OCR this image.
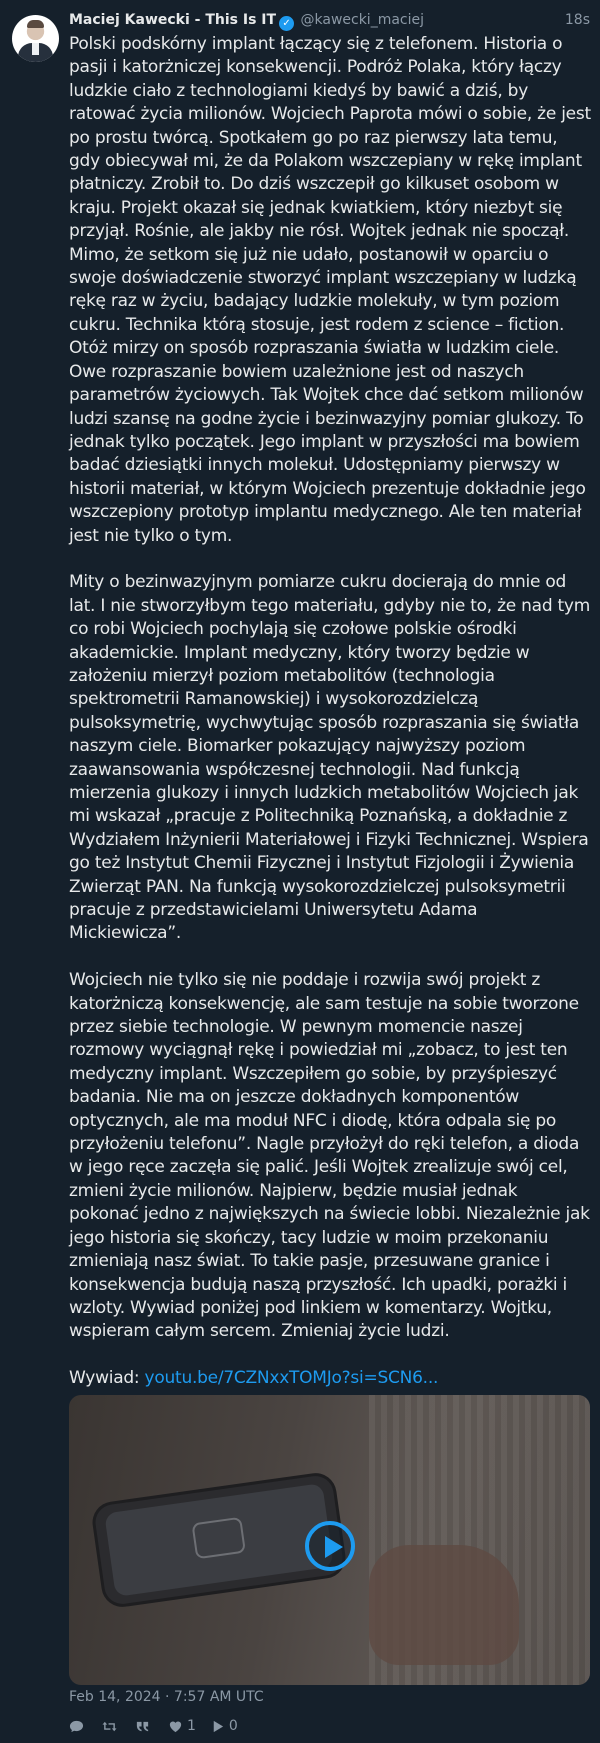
Maciej Kawecki - This Is IT ✓ @kawecki_maciej	18s

Polski podskórny implant łączący się z telefonem. Historia o pasji i katorżniczej konsekwencji. Podróż Polaka, który łączy ludzkie ciało z technologiami kiedyś by bawić a dziś, by ratować życia milionów. Wojciech Paprota mówi o sobie, że jest po prostu twórcą. Spotkałem go po raz pierwszy lata temu, gdy obiecywał mi, że da Polakom wszczepiany w rękę implant płatniczy. Zrobił to. Do dziś wszczepił go kilkuset osobom w kraju. Projekt okazał się jednak kwiatkiem, który niezbyt się przyjął. Rośnie, ale jakby nie rósł. Wojtek jednak nie spoczął. Mimo, że setkom się już nie udało, postanowił w oparciu o swoje doświadczenie stworzyć implant wszczepiany w ludzką rękę raz w życiu, badający ludzkie molekuły, w tym poziom cukru. Technika którą stosuje, jest rodem z science – fiction. Otóż mirzy on sposób rozpraszania światła w ludzkim ciele. Owe rozpraszanie bowiem uzależnione jest od naszych parametrów życiowych. Tak Wojtek chce dać setkom milionów ludzi szansę na godne życie i bezinwazyjny pomiar glukozy. To jednak tylko początek. Jego implant w przyszłości ma bowiem badać dziesiątki innych molekuł. Udostępniamy pierwszy w historii materiał, w którym Wojciech prezentuje dokładnie jego wszczepiony prototyp implantu medycznego. Ale ten materiał jest nie tylko o tym.

Mity o bezinwazyjnym pomiarze cukru docierają do mnie od lat. I nie stworzyłbym tego materiału, gdyby nie to, że nad tym co robi Wojciech pochylają się czołowe polskie ośrodki akademickie. Implant medyczny, który tworzy będzie w założeniu mierzył poziom metabolitów (technologia spektrometrii Ramanowskiej) i wysokorozdzielczą pulsoksymetrię, wychwytując sposób rozpraszania się światła naszym ciele. Biomarker pokazujący najwyższy poziom zaawansowania współczesnej technologii. Nad funkcją mierzenia glukozy i innych ludzkich metabolitów Wojciech jak mi wskazał „pracuje z Politechniką Poznańską, a dokładnie z Wydziałem Inżynierii Materiałowej i Fizyki Technicznej. Wspiera go też Instytut Chemii Fizycznej i Instytut Fizjologii i Żywienia Zwierząt PAN. Na funkcją wysokorozdzielczej pulsoksymetrii pracuje z przedstawicielami Uniwersytetu Adama Mickiewicza”.

Wojciech nie tylko się nie poddaje i rozwija swój projekt z katorżniczą konsekwencję, ale sam testuje na sobie tworzone przez siebie technologie. W pewnym momencie naszej rozmowy wyciągnął rękę i powiedział mi „zobacz, to jest ten medyczny implant. Wszczepiłem go sobie, by przyśpieszyć badania. Nie ma on jeszcze dokładnych komponentów optycznych, ale ma moduł NFC i diodę, która odpala się po przyłożeniu telefonu”. Nagle przyłożył do ręki telefon, a dioda w jego ręce zaczęła się palić. Jeśli Wojtek zrealizuje swój cel, zmieni życie milionów. Najpierw, będzie musiał jednak pokonać jedno z największych na świecie lobbi. Niezależnie jak jego historia się skończy, tacy ludzie w moim przekonaniu zmieniają nasz świat. To takie pasje, przesuwane granice i konsekwencja budują naszą przyszłość. Ich upadki, porażki i wzloty. Wywiad poniżej pod linkiem w komentarzy. Wojtku, wspieram całym sercem. Zmieniaj życie ludzi.

Wywiad: youtu.be/7CZNxxTOMJo?si=SCN6...

Feb 14, 2024 · 7:57 AM UTC
1 0
